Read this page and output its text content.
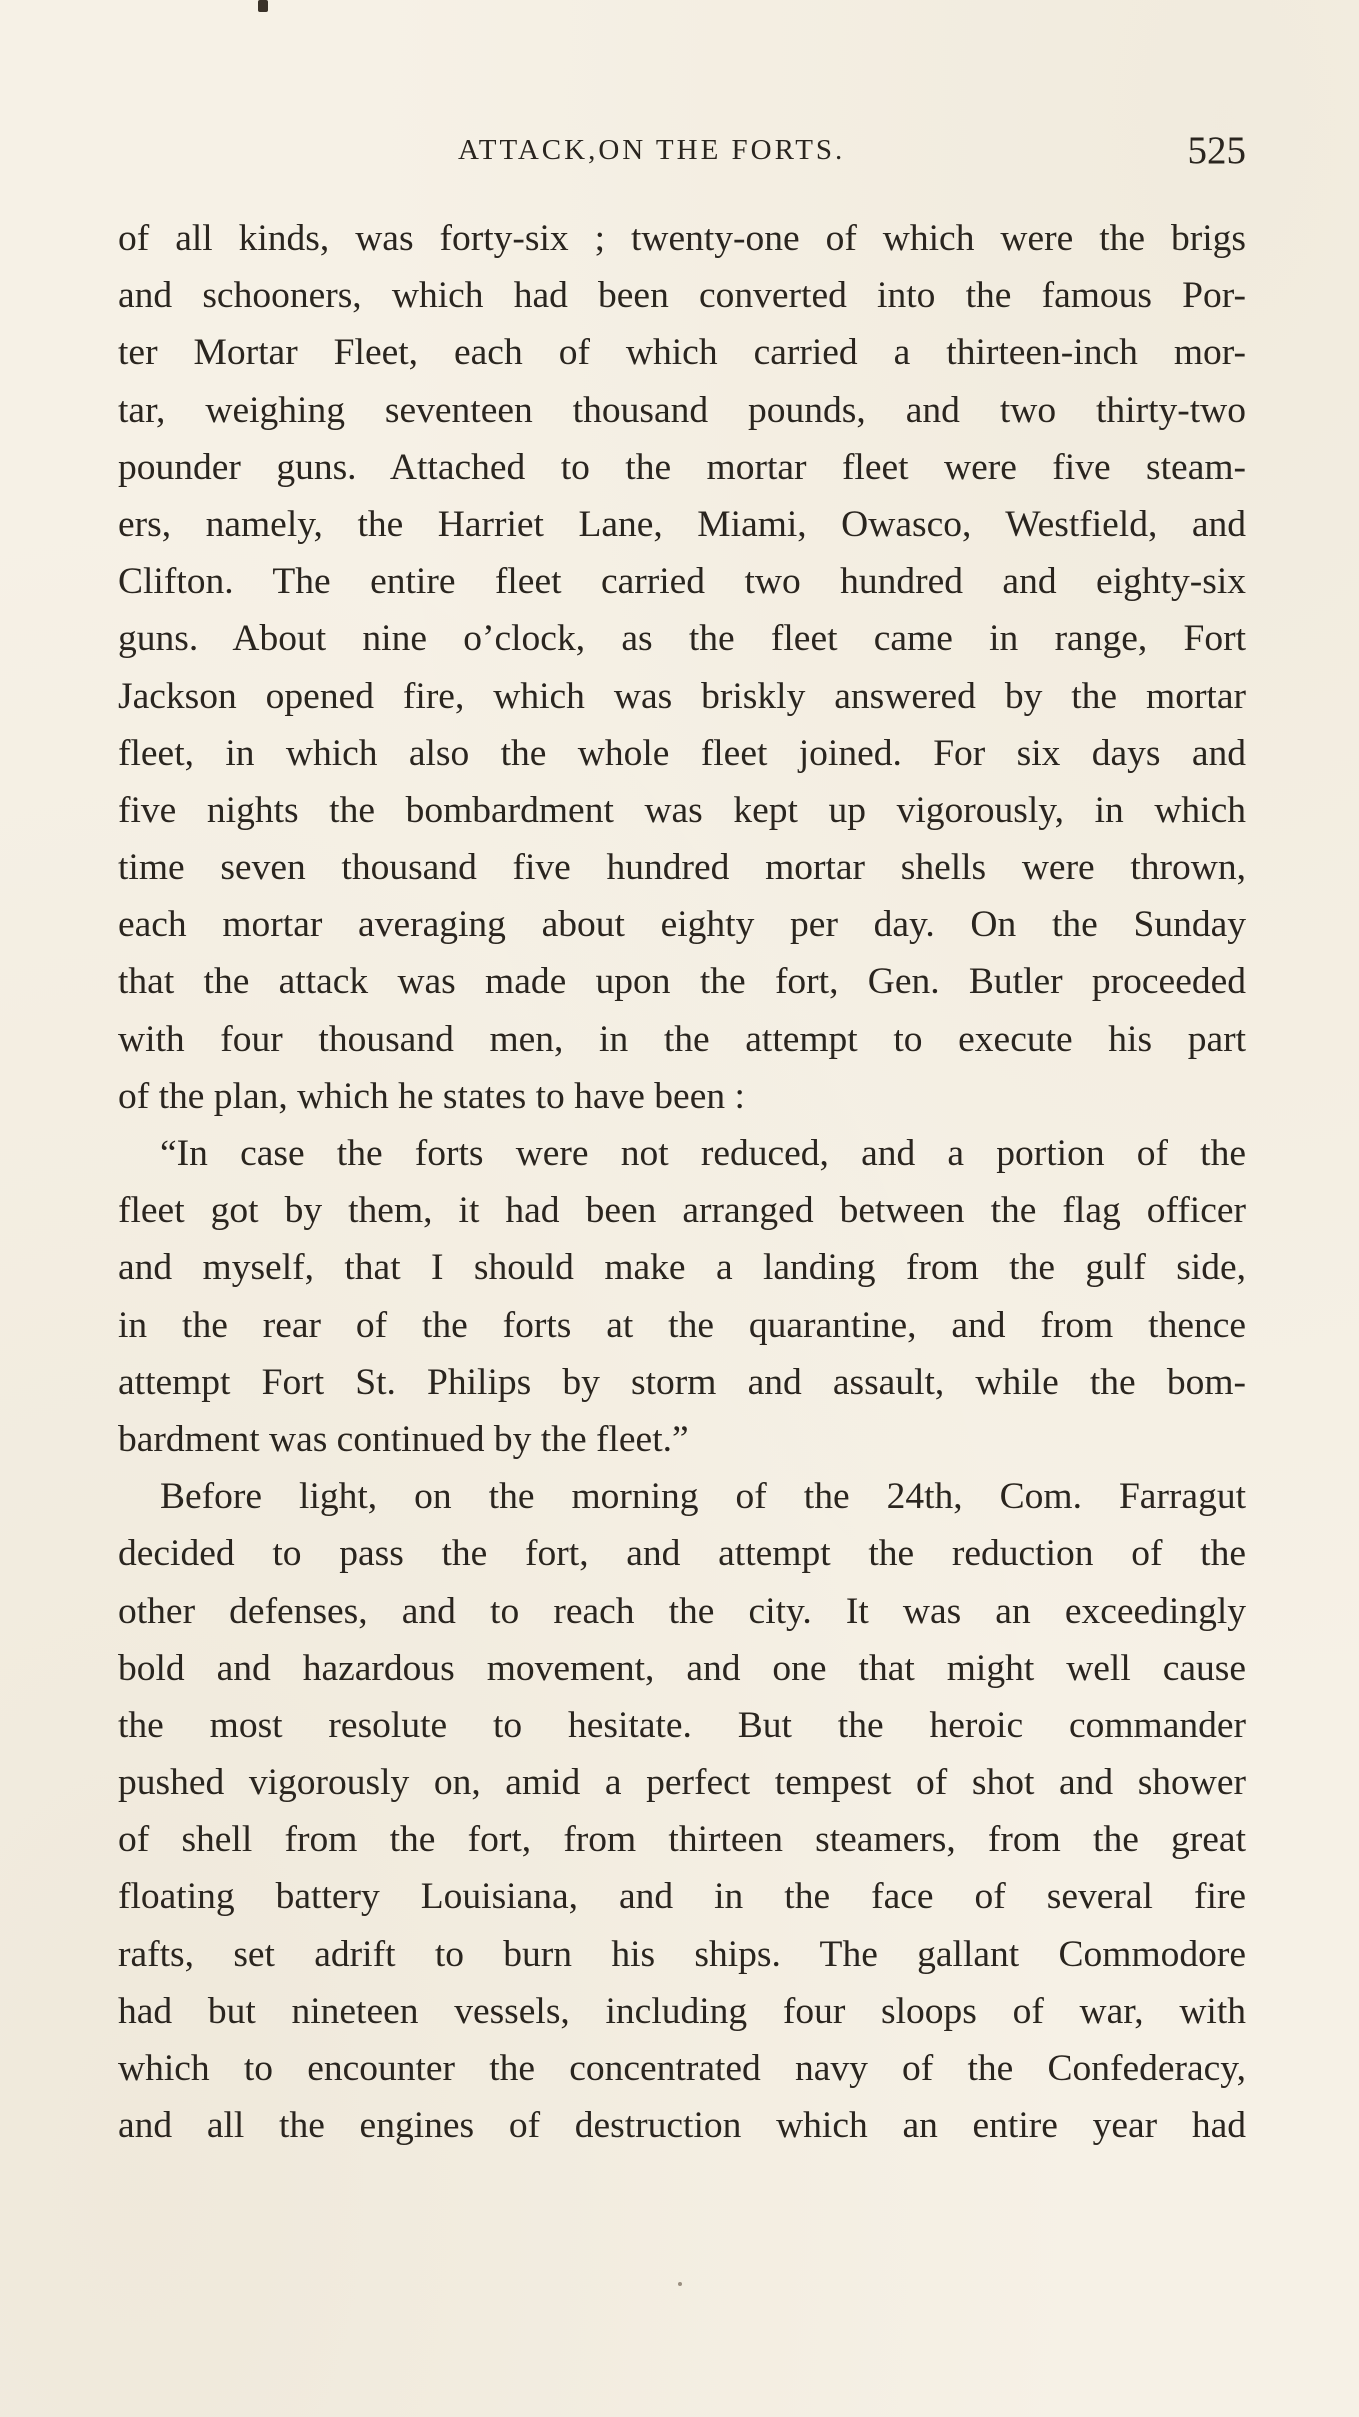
ATTACK,ON THE FORTS.	525
of all kinds, was forty-six ; twenty-one of which were the brigs
and schooners, which had been converted into the famous Por-
ter Mortar Fleet, each of which carried a thirteen-inch mor-
tar, weighing seventeen thousand pounds, and two thirty-two
pounder guns. Attached to the mortar fleet were five steam-
ers, namely, the Harriet Lane, Miami, Owasco, Westfield, and
Clifton. The entire fleet carried two hundred and eighty-six
guns. About nine o’clock, as the fleet came in range, Fort
Jackson opened fire, which was briskly answered by the mortar
fleet, in which also the whole fleet joined. For six days and
five nights the bombardment was kept up vigorously, in which
time seven thousand five hundred mortar shells were thrown,
each mortar averaging about eighty per day. On the Sunday
that the attack was made upon the fort, Gen. Butler proceeded
with four thousand men, in the attempt to execute his part
of the plan, which he states to have been :
“In case the forts were not reduced, and a portion of the
fleet got by them, it had been arranged between the flag officer
and myself, that I should make a landing from the gulf side,
in the rear of the forts at the quarantine, and from thence
attempt Fort St. Philips by storm and assault, while the bom-
bardment was continued by the fleet.”
Before light, on the morning of the 24th, Com. Farragut
decided to pass the fort, and attempt the reduction of the
other defenses, and to reach the city. It was an exceedingly
bold and hazardous movement, and one that might well cause
the most resolute to hesitate. But the heroic commander
pushed vigorously on, amid a perfect tempest of shot and shower
of shell from the fort, from thirteen steamers, from the great
floating battery Louisiana, and in the face of several fire
rafts, set adrift to burn his ships. The gallant Commodore
had but nineteen vessels, including four sloops of war, with
which to encounter the concentrated navy of the Confederacy,
and all the engines of destruction which an entire year had
